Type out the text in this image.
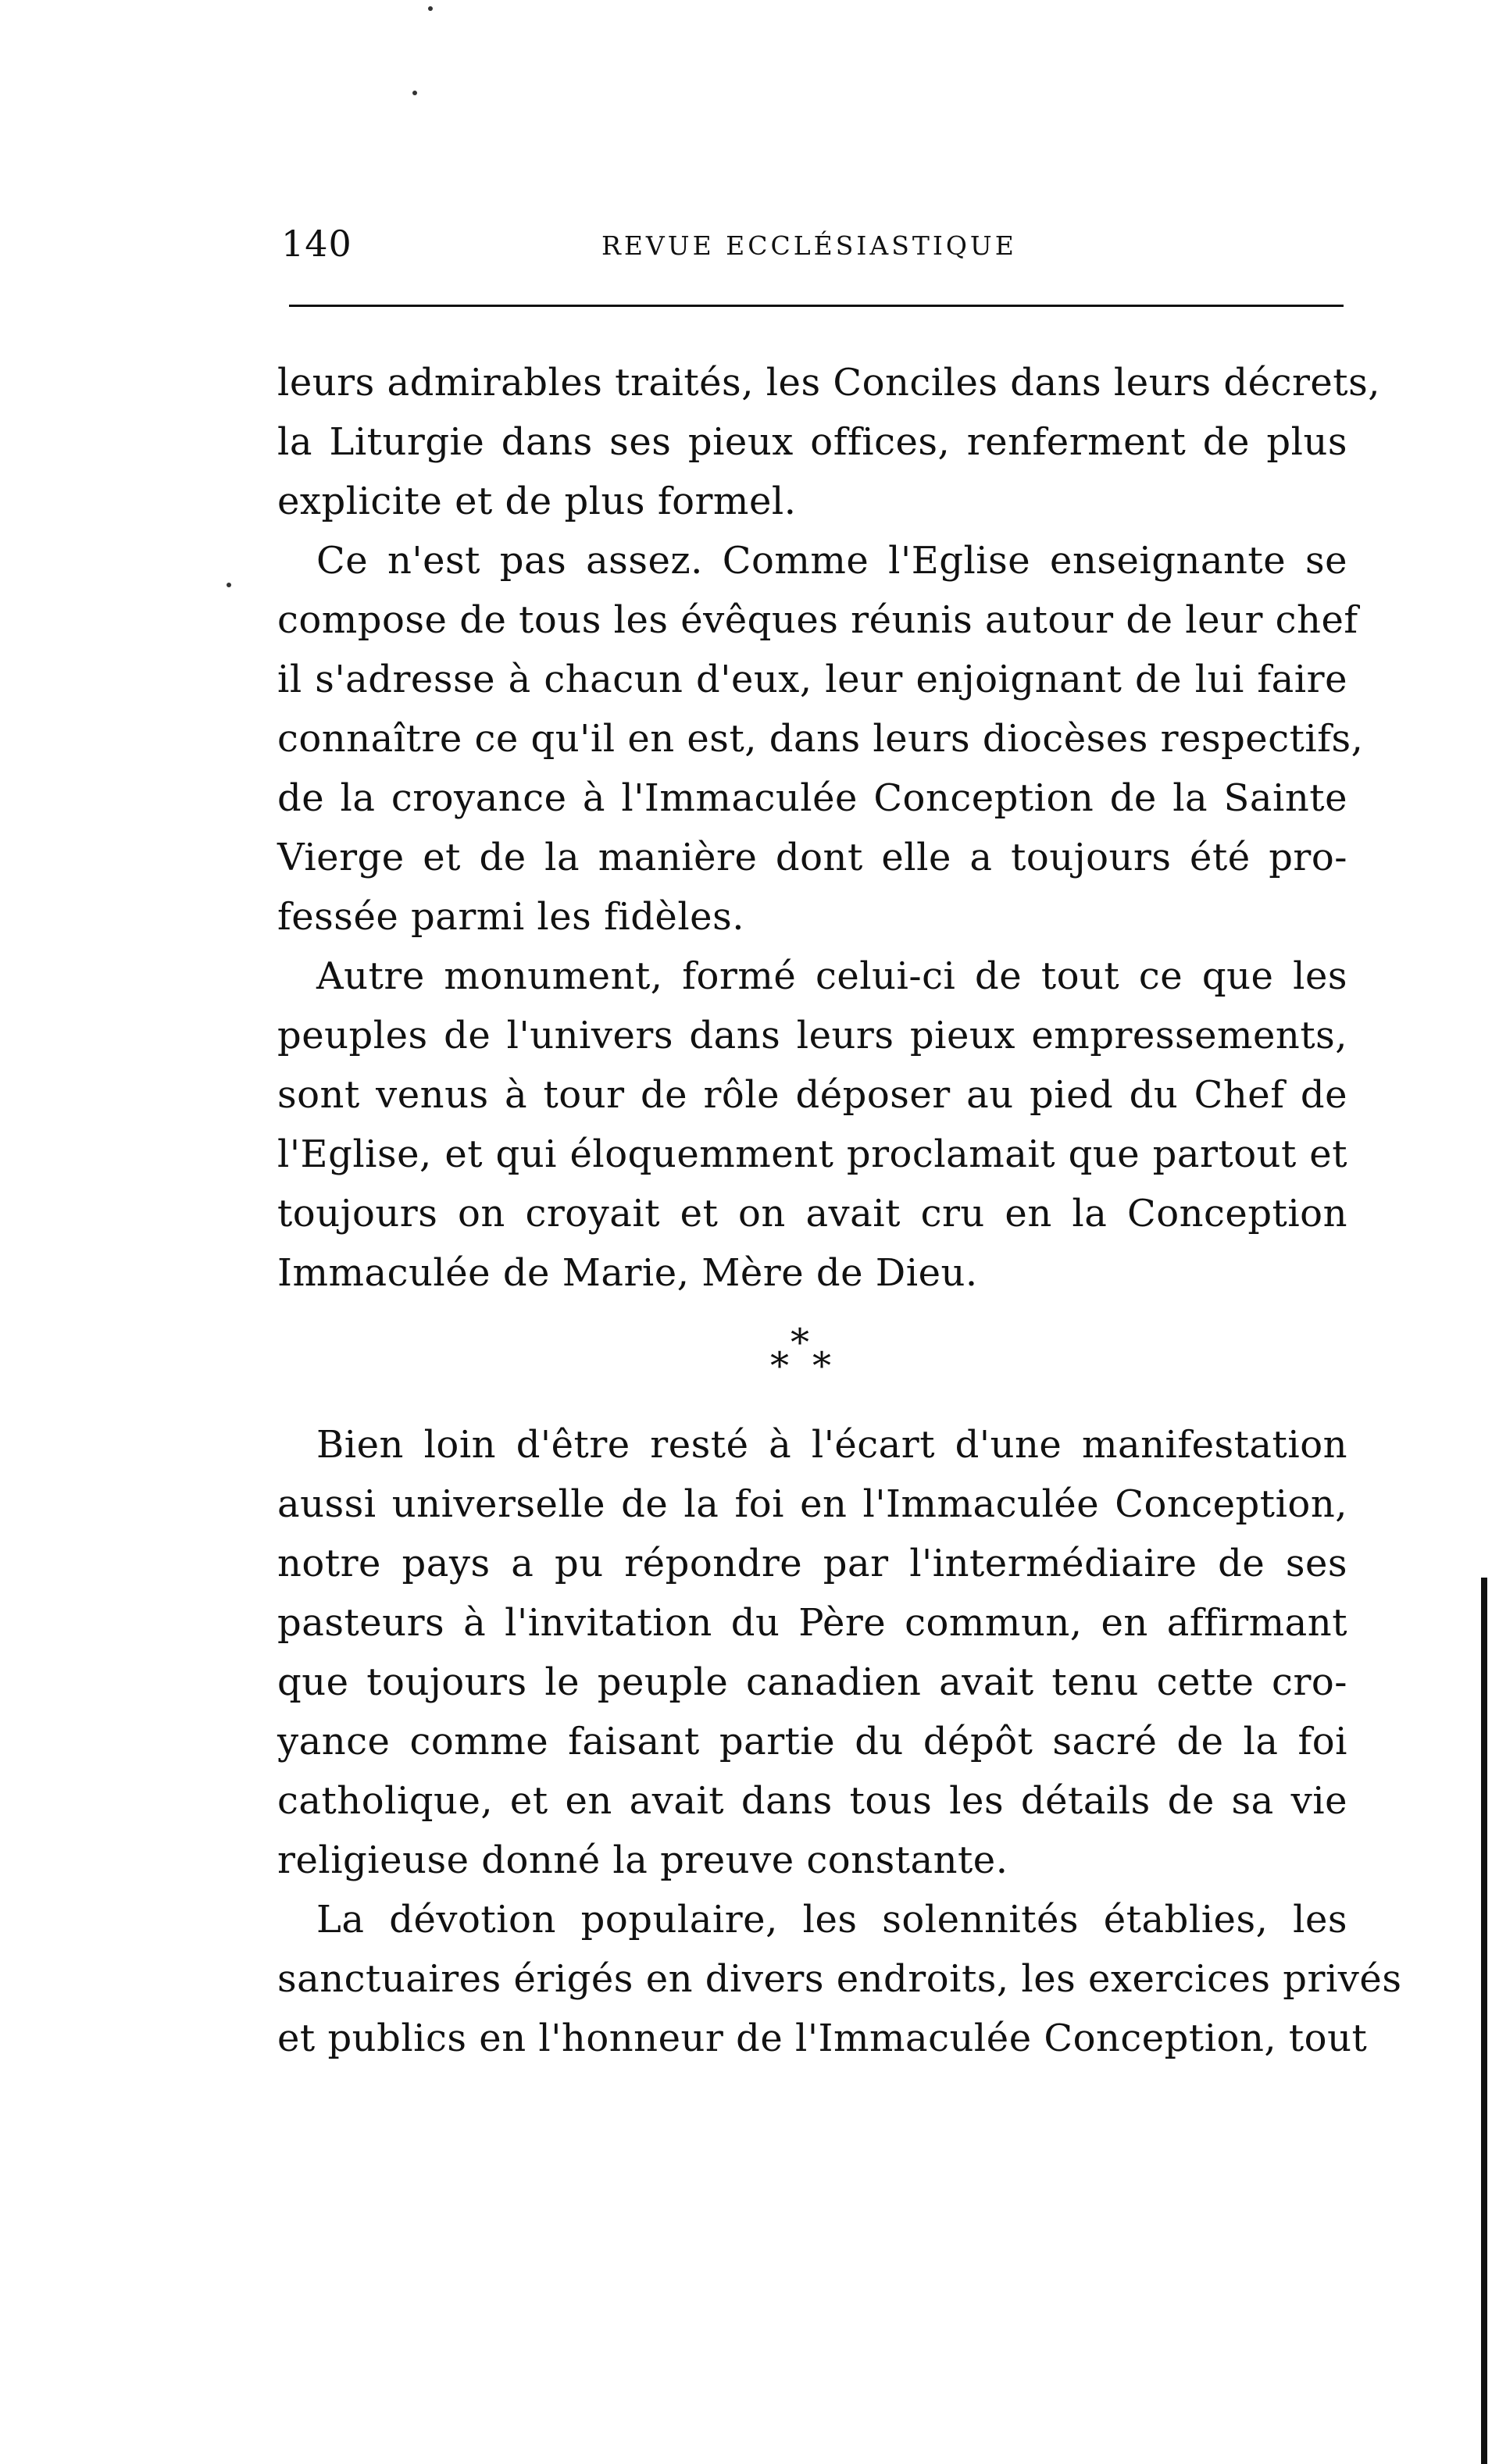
140	REVUE ECCLÉSIASTIQUE
leurs admirables traités, les Conciles dans leurs décrets,
la Liturgie dans ses pieux offices, renferment de plus
explicite et de plus formel.
Ce n'est pas assez. Comme l'Eglise enseignante se
compose de tous les évêques réunis autour de leur chef
il s'adresse à chacun d'eux, leur enjoignant de lui faire
connaître ce qu'il en est, dans leurs diocèses respectifs,
de la croyance à l'Immaculée Conception de la Sainte
Vierge et de la manière dont elle a toujours été pro-
fessée parmi les fidèles.
Autre monument, formé celui-ci de tout ce que les
peuples de l'univers dans leurs pieux empressements,
sont venus à tour de rôle déposer au pied du Chef de
l'Eglise, et qui éloquemment proclamait que partout et
toujours on croyait et on avait cru en la Conception
Immaculée de Marie, Mère de Dieu.
*
* *
Bien loin d'être resté à l'écart d'une manifestation
aussi universelle de la foi en l'Immaculée Conception,
notre pays a pu répondre par l'intermédiaire de ses
pasteurs à l'invitation du Père commun, en affirmant
que toujours le peuple canadien avait tenu cette cro-
yance comme faisant partie du dépôt sacré de la foi
catholique, et en avait dans tous les détails de sa vie
religieuse donné la preuve constante.
La dévotion populaire, les solennités établies, les
sanctuaires érigés en divers endroits, les exercices privés
et publics en l'honneur de l'Immaculée Conception, tout
